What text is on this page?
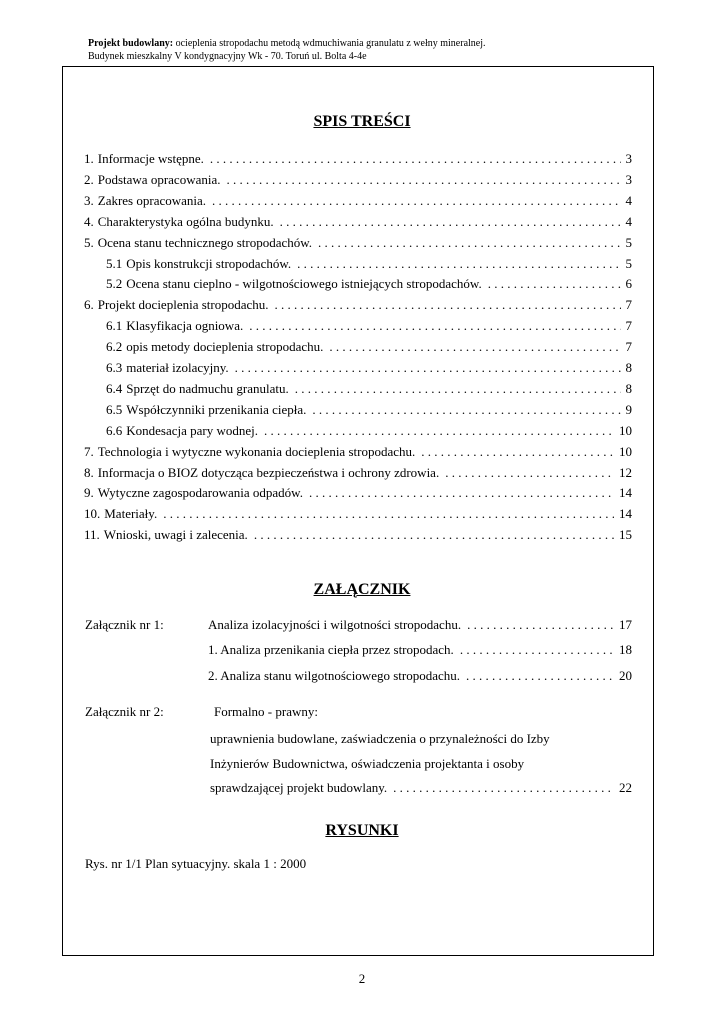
Projekt budowlany: ocieplenia stropodachu metodą wdmuchiwania granulatu z wełny mineralnej.
Budynek mieszkalny V kondygnacyjny Wk - 70. Toruń ul. Bolta 4-4e
SPIS TREŚCI
1. Informacje wstępne. . . .	3
2. Podstawa opracowania. . . .	3
3. Zakres opracowania. . . .	4
4. Charakterystyka ogólna budynku. . . .	4
5. Ocena stanu technicznego stropodachów. . . .	5
5.1 Opis konstrukcji stropodachów. . . .	5
5.2 Ocena stanu cieplno - wilgotnościowego istniejących stropodachów. . . .	6
6. Projekt docieplenia stropodachu. . . .	7
6.1 Klasyfikacja ogniowa. . . .	7
6.2 opis metody docieplenia stropodachu. . . .	7
6.3 materiał izolacyjny. . . .	8
6.4 Sprzęt do nadmuchu granulatu. . . .	8
6.5 Współczynniki przenikania ciepła. . . .	9
6.6 Kondesacja pary wodnej. . . .	10
7. Technologia i wytyczne wykonania docieplenia stropodachu. . . .	10
8. Informacja o BIOZ dotycząca bezpieczeństwa i ochrony zdrowia. . . .	12
9. Wytyczne zagospodarowania odpadów. . . .	14
10. Materiały. . . .	14
11. Wnioski, uwagi i zalecenia. . . .	15
ZAŁĄCZNIK
Załącznik nr 1:	Analiza izolacyjności i wilgotności stropodachu. . . .	17
1. Analiza przenikania ciepła przez stropodach. . . .	18
2. Analiza stanu wilgotnościowego stropodachu. . . .	20
Załącznik nr 2:	Formalno - prawny:
uprawnienia budowlane, zaświadczenia o przynależności do Izby
Inżynierów Budownictwa, oświadczenia projektanta i osoby
sprawdzającej projekt budowlany. . . .	22
RYSUNKI
Rys. nr 1/1 Plan sytuacyjny. skala 1 : 2000
2
